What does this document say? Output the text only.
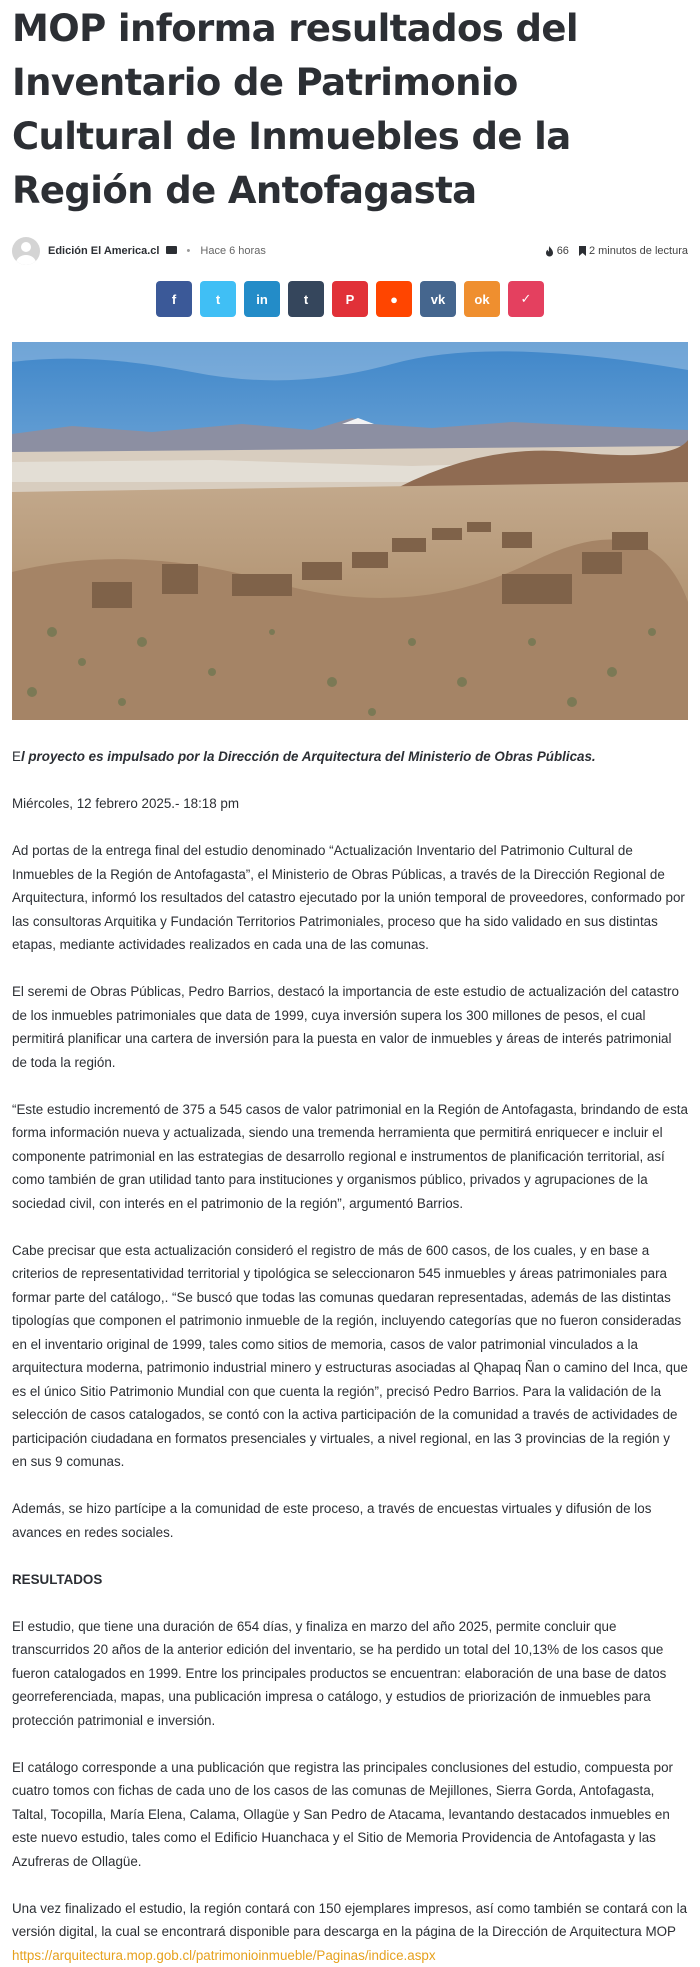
MOP informa resultados del Inventario de Patrimonio Cultural de Inmuebles de la Región de Antofagasta
Edición El America.cl	• Hace 6 horas	66 2 minutos de lectura
f	t	in	t	P	●	vk ok ✓

El proyecto es impulsado por la Dirección de Arquitectura del Ministerio de Obras Públicas.

Miércoles, 12 febrero 2025.- 18:18 pm

Ad portas de la entrega final del estudio denominado “Actualización Inventario del Patrimonio Cultural de Inmuebles de la Región de Antofagasta”, el Ministerio de Obras Públicas, a través de la Dirección Regional de Arquitectura, informó los resultados del catastro ejecutado por la unión temporal de proveedores, conformado por las consultoras Arquitika y Fundación Territorios Patrimoniales, proceso que ha sido validado en sus distintas etapas, mediante actividades realizados en cada una de las comunas.

El seremi de Obras Públicas, Pedro Barrios, destacó la importancia de este estudio de actualización del catastro de los inmuebles patrimoniales que data de 1999, cuya inversión supera los 300 millones de pesos, el cual permitirá planificar una cartera de inversión para la puesta en valor de inmuebles y áreas de interés patrimonial de toda la región.

“Este estudio incrementó de 375 a 545 casos de valor patrimonial en la Región de Antofagasta, brindando de esta forma información nueva y actualizada, siendo una tremenda herramienta que permitirá enriquecer e incluir el componente patrimonial en las estrategias de desarrollo regional e instrumentos de planificación territorial, así como también de gran utilidad tanto para instituciones y organismos público, privados y agrupaciones de la sociedad civil, con interés en el patrimonio de la región”, argumentó Barrios.

Cabe precisar que esta actualización consideró el registro de más de 600 casos, de los cuales, y en base a criterios de representatividad territorial y tipológica se seleccionaron 545 inmuebles y áreas patrimoniales para formar parte del catálogo,. “Se buscó que todas las comunas quedaran representadas, además de las distintas tipologías que componen el patrimonio inmueble de la región, incluyendo categorías que no fueron consideradas en el inventario original de 1999, tales como sitios de memoria, casos de valor patrimonial vinculados a la arquitectura moderna, patrimonio industrial minero y estructuras asociadas al Qhapaq Ñan o camino del Inca, que es el único Sitio Patrimonio Mundial con que cuenta la región”, precisó Pedro Barrios. Para la validación de la selección de casos catalogados, se contó con la activa participación de la comunidad a través de actividades de participación ciudadana en formatos presenciales y virtuales, a nivel regional, en las 3 provincias de la región y en sus 9 comunas.

Además, se hizo partícipe a la comunidad de este proceso, a través de encuestas virtuales y difusión de los avances en redes sociales.

RESULTADOS

El estudio, que tiene una duración de 654 días, y finaliza en marzo del año 2025, permite concluir que transcurridos 20 años de la anterior edición del inventario, se ha perdido un total del 10,13% de los casos que fueron catalogados en 1999. Entre los principales productos se encuentran: elaboración de una base de datos georreferenciada, mapas, una publicación impresa o catálogo, y estudios de priorización de inmuebles para protección patrimonial e inversión.

El catálogo corresponde a una publicación que registra las principales conclusiones del estudio, compuesta por cuatro tomos con fichas de cada uno de los casos de las comunas de Mejillones, Sierra Gorda, Antofagasta, Taltal, Tocopilla, María Elena, Calama, Ollagüe y San Pedro de Atacama, levantando destacados inmuebles en este nuevo estudio, tales como el Edificio Huanchaca y el Sitio de Memoria Providencia de Antofagasta y las Azufreras de Ollagüe.

Una vez finalizado el estudio, la región contará con 150 ejemplares impresos, así como también se contará con la versión digital, la cual se encontrará disponible para descarga en la página de la Dirección de Arquitectura MOP https://arquitectura.mop.gob.cl/patrimonioinmueble/Paginas/indice.aspx
